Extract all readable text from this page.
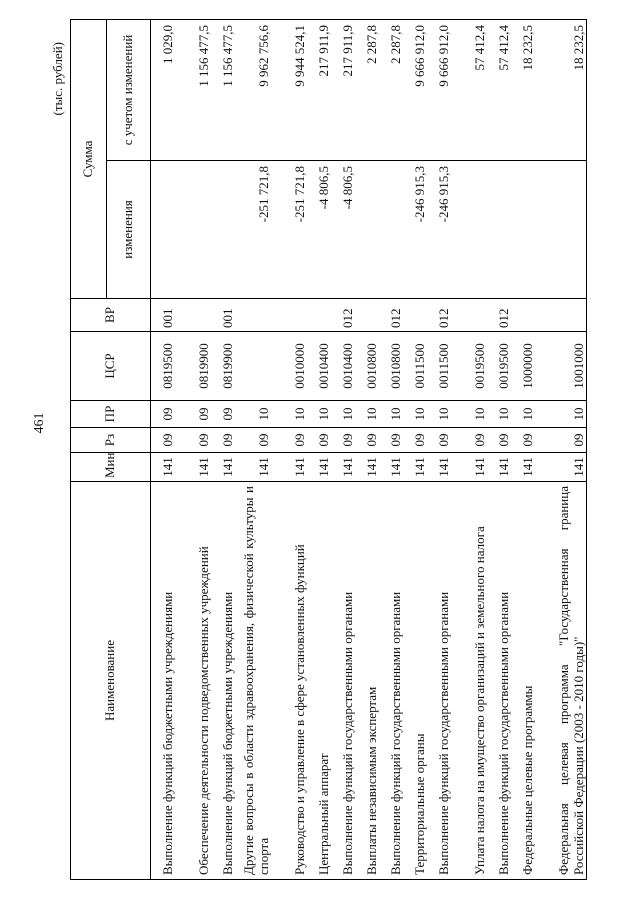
461
(тыс. рублей)
Наименование	Мин	Рз	ПР	ЦСР	ВР	Сумма	
						изменения	с учетом изменений
Выполнение функций бюджетными учреждениями	141	09	09	0819500	001		1 029,0
Обеспечение деятельности подведомственных учреждений	141	09	09	0819900			1 156 477,5
Выполнение функций бюджетными учреждениями	141	09	09	0819900	001		1 156 477,5
Другие вопросы в области здравоохранения, физической культуры и спорта	141	09	10			-251 721,8	9 962 756,6
Руководство и управление в сфере установленных функций	141	09	10	0010000		-251 721,8	9 944 524,1
Центральный аппарат	141	09	10	0010400		-4 806,5	217 911,9
Выполнение функций государственными органами	141	09	10	0010400	012	-4 806,5	217 911,9
Выплаты независимым экспертам	141	09	10	0010800			2 287,8
Выполнение функций государственными органами	141	09	10	0010800	012		2 287,8
Территориальные органы	141	09	10	0011500		-246 915,3	9 666 912,0
Выполнение функций государственными органами	141	09	10	0011500	012	-246 915,3	9 666 912,0
Уплата налога на имущество организаций и земельного налога	141	09	10	0019500			57 412,4
Выполнение функций государственными органами	141	09	10	0019500	012		57 412,4
Федеральные целевые программы	141	09	10	1000000			18 232,5
Федеральная целевая программа "Государственная граница Российской Федерации (2003 - 2010 годы)"	141	09	10	1001000			18 232,5
